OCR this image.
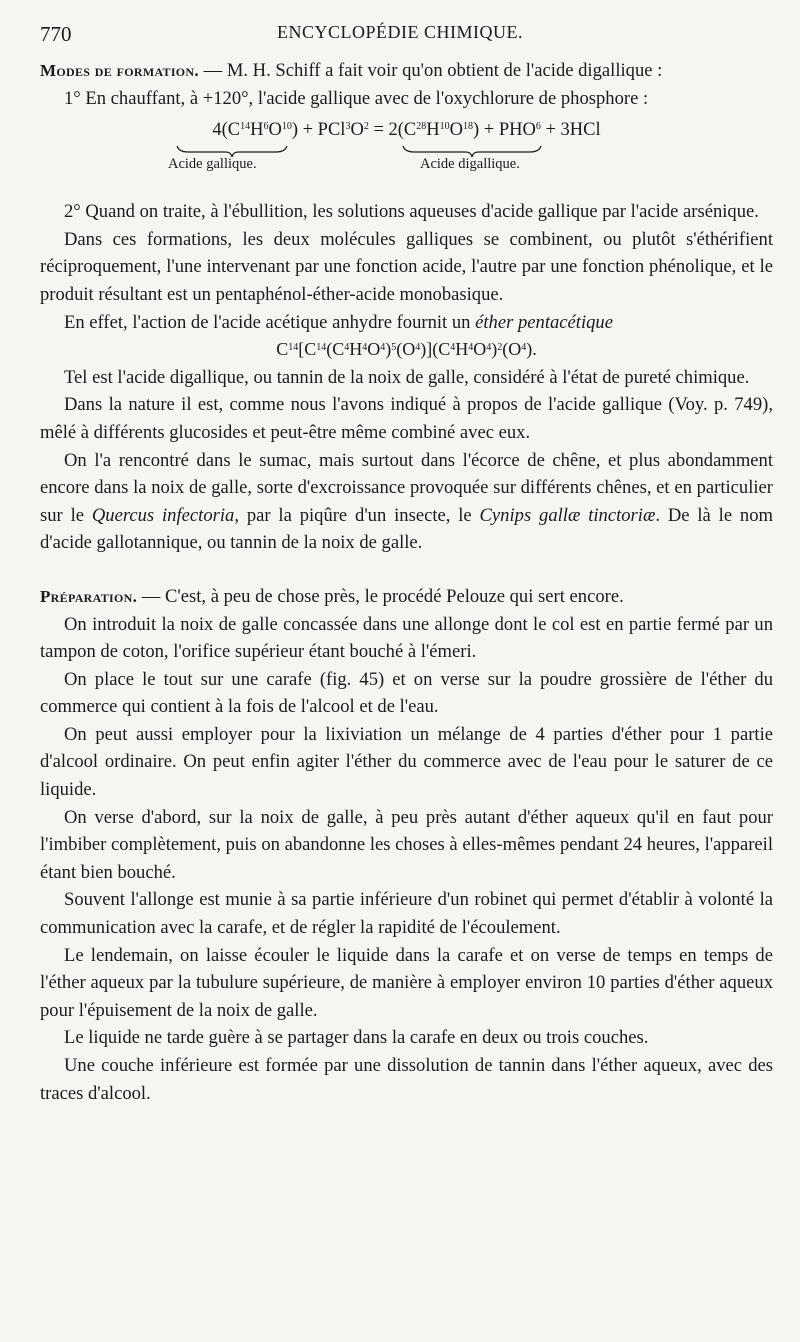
770	ENCYCLOPÉDIE CHIMIQUE.

Modes de formation. — M. H. Schiff a fait voir qu'on obtient de l'acide digallique :

1° En chauffant, à +120°, l'acide gallique avec de l'oxychlorure de phosphore :

$4(C^{14}H^6O^{10}) + PCl^3O^2 = 2(C^{28}H^{10}O^{18}) + PHO^6 + 3HCl$
Acide gallique.	Acide digallique.

2° Quand on traite, à l'ébullition, les solutions aqueuses d'acide gallique par l'acide arsénique.

Dans ces formations, les deux molécules galliques se combinent, ou plutôt s'éthérifient réciproquement, l'une intervenant par une fonction acide, l'autre par une fonction phénolique, et le produit résultant est un pentaphénol-éther-acide monobasique.

En effet, l'action de l'acide acétique anhydre fournit un éther pentacétique

$C^{14}[C^{14}(C^4H^4O^4)^5(O^4)](C^4H^4O^4)^2(O^4)$.

Tel est l'acide digallique, ou tannin de la noix de galle, considéré à l'état de pureté chimique.

Dans la nature il est, comme nous l'avons indiqué à propos de l'acide gallique (Voy. p. 749), mêlé à différents glucosides et peut-être même combiné avec eux.

On l'a rencontré dans le sumac, mais surtout dans l'écorce de chêne, et plus abondamment encore dans la noix de galle, sorte d'excroissance provoquée sur différents chênes, et en particulier sur le Quercus infectoria, par la piqûre d'un insecte, le Cynips gallæ tinctoriæ. De là le nom d'acide gallotannique, ou tannin de la noix de galle.

Préparation. — C'est, à peu de chose près, le procédé Pelouze qui sert encore.

On introduit la noix de galle concassée dans une allonge dont le col est en partie fermé par un tampon de coton, l'orifice supérieur étant bouché à l'émeri.

On place le tout sur une carafe (fig. 45) et on verse sur la poudre grossière de l'éther du commerce qui contient à la fois de l'alcool et de l'eau.

On peut aussi employer pour la lixiviation un mélange de 4 parties d'éther pour 1 partie d'alcool ordinaire. On peut enfin agiter l'éther du commerce avec de l'eau pour le saturer de ce liquide.

On verse d'abord, sur la noix de galle, à peu près autant d'éther aqueux qu'il en faut pour l'imbiber complètement, puis on abandonne les choses à elles-mêmes pendant 24 heures, l'appareil étant bien bouché.

Souvent l'allonge est munie à sa partie inférieure d'un robinet qui permet d'établir à volonté la communication avec la carafe, et de régler la rapidité de l'écoulement.

Le lendemain, on laisse écouler le liquide dans la carafe et on verse de temps en temps de l'éther aqueux par la tubulure supérieure, de manière à employer environ 10 parties d'éther aqueux pour l'épuisement de la noix de galle.

Le liquide ne tarde guère à se partager dans la carafe en deux ou trois couches.

Une couche inférieure est formée par une dissolution de tannin dans l'éther aqueux, avec des traces d'alcool.
